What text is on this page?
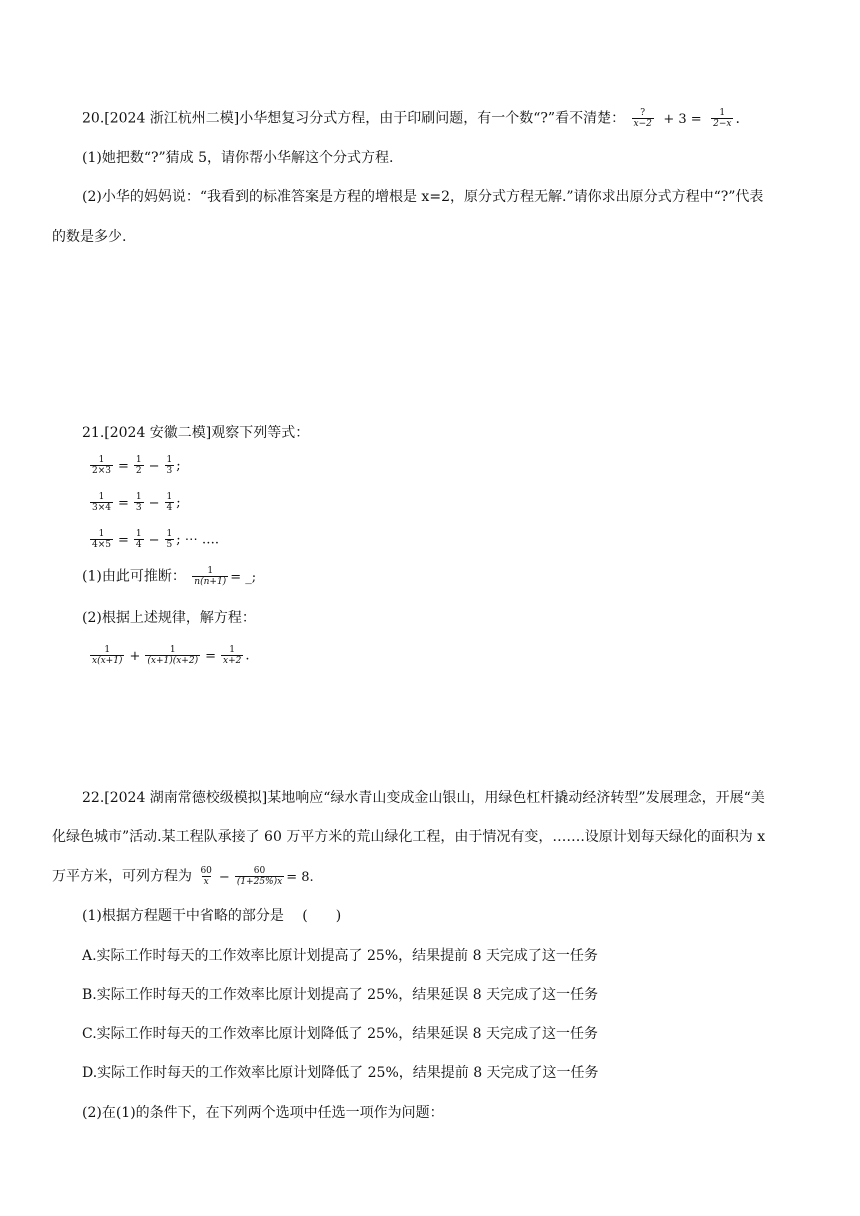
20.[2024 浙江杭州二模]小华想复习分式方程，由于印刷问题，有一个数“?”看不清楚： $\frac{?}{x-2} + 3 = \frac{1}{2-x}$ .
(1)她把数“?”猜成 5，请你帮小华解这个分式方程.
(2)小华的妈妈说：“我看到的标准答案是方程的增根是 x=2，原分式方程无解.”请你求出原分式方程中“?”代表
的数是多少.
21.[2024 安徽二模]观察下列等式：
$\frac{1}{2\times 3} = \frac{1}{2} - \frac{1}{3}$ ;
$\frac{1}{3\times 4} = \frac{1}{3} - \frac{1}{4}$ ;
$\frac{1}{4\times 5} = \frac{1}{4} - \frac{1}{5}$ ; ⋯ ….
(1)由此可推断： $\frac{1}{n(n+1)}$ = _;
(2)根据上述规律，解方程：
$\frac{1}{x(x+1)} + \frac{1}{(x+1)(x+2)} = \frac{1}{x+2}$ .
22.[2024 湖南常德校级模拟]某地响应“绿水青山变成金山银山，用绿色杠杆撬动经济转型”发展理念，开展“美
化绿色城市”活动.某工程队承接了 60 万平方米的荒山绿化工程，由于情况有变，…….设原计划每天绿化的面积为 x
万平方米，可列方程为 $\frac{60}{x} - \frac{60}{(1+25\%)x} = 8$.
(1)根据方程题干中省略的部分是　 (　　)
A.实际工作时每天的工作效率比原计划提高了 25%，结果提前 8 天完成了这一任务
B.实际工作时每天的工作效率比原计划提高了 25%，结果延误 8 天完成了这一任务
C.实际工作时每天的工作效率比原计划降低了 25%，结果延误 8 天完成了这一任务
D.实际工作时每天的工作效率比原计划降低了 25%，结果提前 8 天完成了这一任务
(2)在(1)的条件下，在下列两个选项中任选一项作为问题：
